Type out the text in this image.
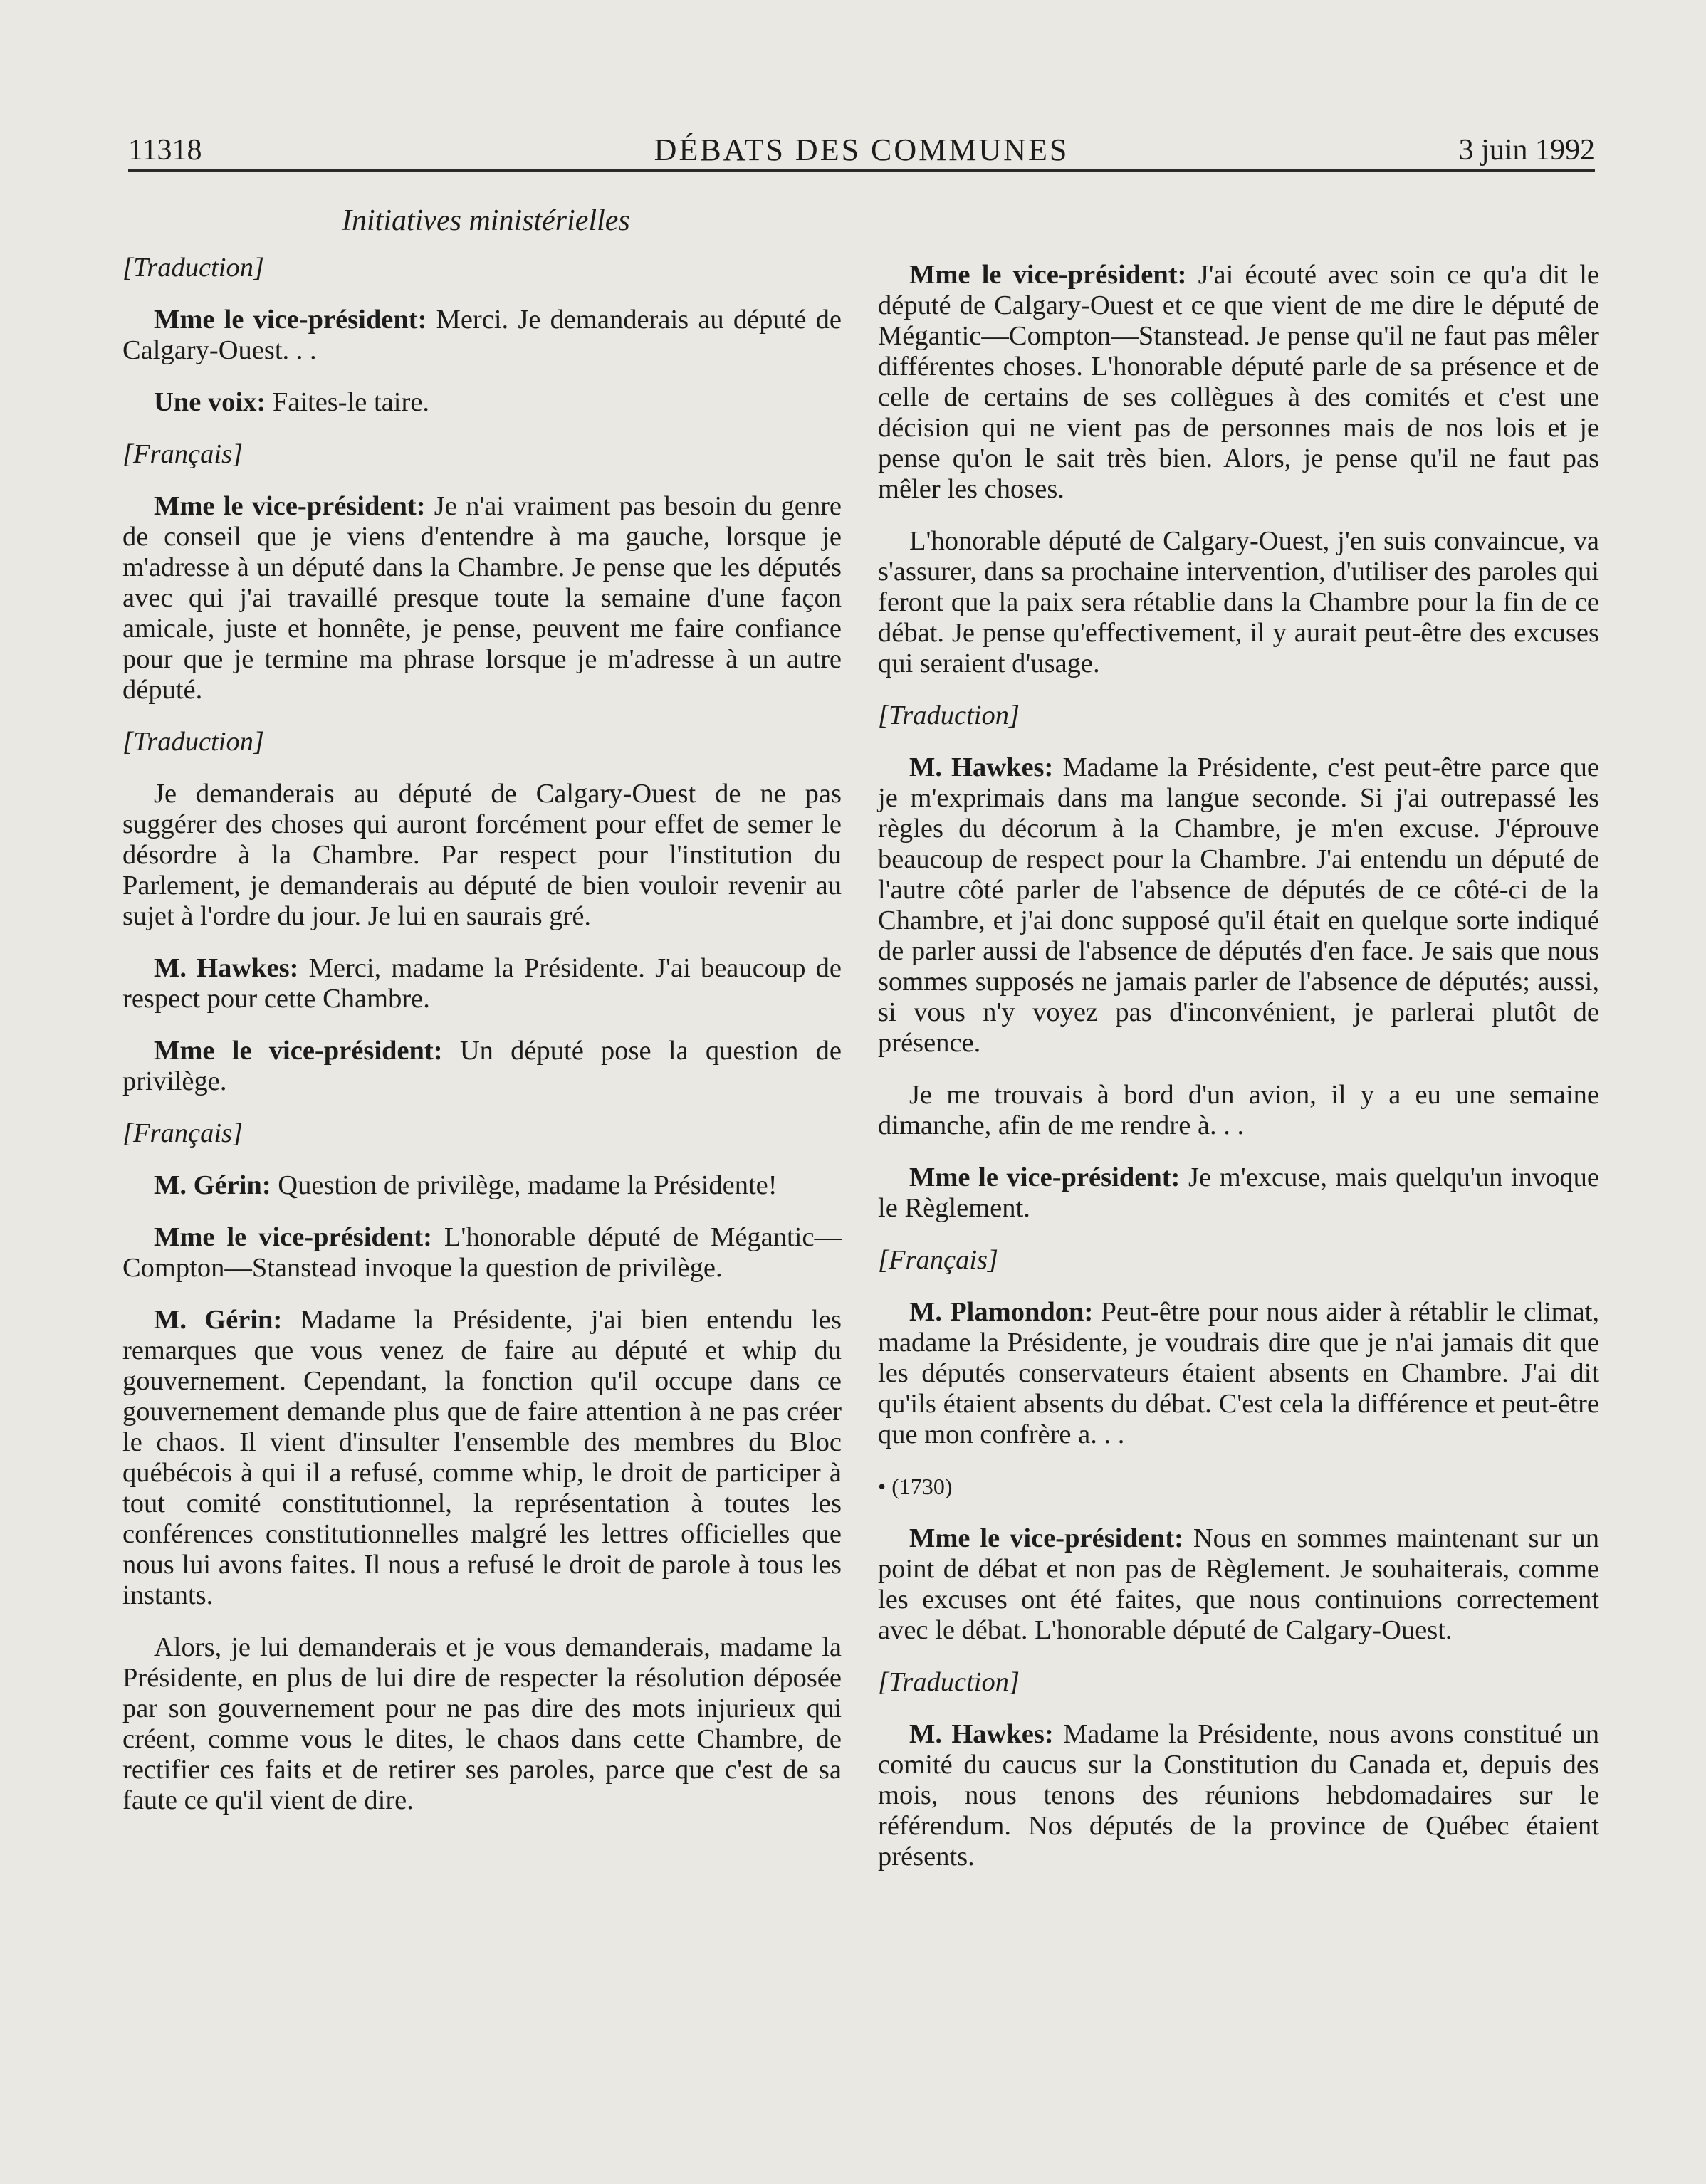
11318	DÉBATS DES COMMUNES	3 juin 1992
Initiatives ministérielles

[Traduction]

Mme le vice-président: Merci. Je demanderais au député de Calgary-Ouest. . .

Une voix: Faites-le taire.

[Français]

Mme le vice-président: Je n'ai vraiment pas besoin du genre de conseil que je viens d'entendre à ma gauche, lorsque je m'adresse à un député dans la Chambre. Je pense que les députés avec qui j'ai travaillé presque toute la semaine d'une façon amicale, juste et honnête, je pense, peuvent me faire confiance pour que je termine ma phrase lorsque je m'adresse à un autre député.

[Traduction]

Je demanderais au député de Calgary-Ouest de ne pas suggérer des choses qui auront forcément pour effet de semer le désordre à la Chambre. Par respect pour l'institution du Parlement, je demanderais au député de bien vouloir revenir au sujet à l'ordre du jour. Je lui en saurais gré.

M. Hawkes: Merci, madame la Présidente. J'ai beaucoup de respect pour cette Chambre.

Mme le vice-président: Un député pose la question de privilège.

[Français]

M. Gérin: Question de privilège, madame la Présidente!

Mme le vice-président: L'honorable député de Mégantic—Compton—Stanstead invoque la question de privilège.

M. Gérin: Madame la Présidente, j'ai bien entendu les remarques que vous venez de faire au député et whip du gouvernement. Cependant, la fonction qu'il occupe dans ce gouvernement demande plus que de faire attention à ne pas créer le chaos. Il vient d'insulter l'ensemble des membres du Bloc québécois à qui il a refusé, comme whip, le droit de participer à tout comité constitutionnel, la représentation à toutes les conférences constitutionnelles malgré les lettres officielles que nous lui avons faites. Il nous a refusé le droit de parole à tous les instants.

Alors, je lui demanderais et je vous demanderais, madame la Présidente, en plus de lui dire de respecter la résolution déposée par son gouvernement pour ne pas dire des mots injurieux qui créent, comme vous le dites, le chaos dans cette Chambre, de rectifier ces faits et de retirer ses paroles, parce que c'est de sa faute ce qu'il vient de dire.

Mme le vice-président: J'ai écouté avec soin ce qu'a dit le député de Calgary-Ouest et ce que vient de me dire le député de Mégantic—Compton—Stanstead. Je pense qu'il ne faut pas mêler différentes choses. L'honorable député parle de sa présence et de celle de certains de ses collègues à des comités et c'est une décision qui ne vient pas de personnes mais de nos lois et je pense qu'on le sait très bien. Alors, je pense qu'il ne faut pas mêler les choses.

L'honorable député de Calgary-Ouest, j'en suis convaincue, va s'assurer, dans sa prochaine intervention, d'utiliser des paroles qui feront que la paix sera rétablie dans la Chambre pour la fin de ce débat. Je pense qu'effectivement, il y aurait peut-être des excuses qui seraient d'usage.

[Traduction]

M. Hawkes: Madame la Présidente, c'est peut-être parce que je m'exprimais dans ma langue seconde. Si j'ai outrepassé les règles du décorum à la Chambre, je m'en excuse. J'éprouve beaucoup de respect pour la Chambre. J'ai entendu un député de l'autre côté parler de l'absence de députés de ce côté-ci de la Chambre, et j'ai donc supposé qu'il était en quelque sorte indiqué de parler aussi de l'absence de députés d'en face. Je sais que nous sommes supposés ne jamais parler de l'absence de députés; aussi, si vous n'y voyez pas d'inconvénient, je parlerai plutôt de présence.

Je me trouvais à bord d'un avion, il y a eu une semaine dimanche, afin de me rendre à. . .

Mme le vice-président: Je m'excuse, mais quelqu'un invoque le Règlement.

[Français]

M. Plamondon: Peut-être pour nous aider à rétablir le climat, madame la Présidente, je voudrais dire que je n'ai jamais dit que les députés conservateurs étaient absents en Chambre. J'ai dit qu'ils étaient absents du débat. C'est cela la différence et peut-être que mon confrère a. . .

• (1730)

Mme le vice-président: Nous en sommes maintenant sur un point de débat et non pas de Règlement. Je souhaiterais, comme les excuses ont été faites, que nous continuions correctement avec le débat. L'honorable député de Calgary-Ouest.

[Traduction]

M. Hawkes: Madame la Présidente, nous avons constitué un comité du caucus sur la Constitution du Canada et, depuis des mois, nous tenons des réunions hebdomadaires sur le référendum. Nos députés de la province de Québec étaient présents.
